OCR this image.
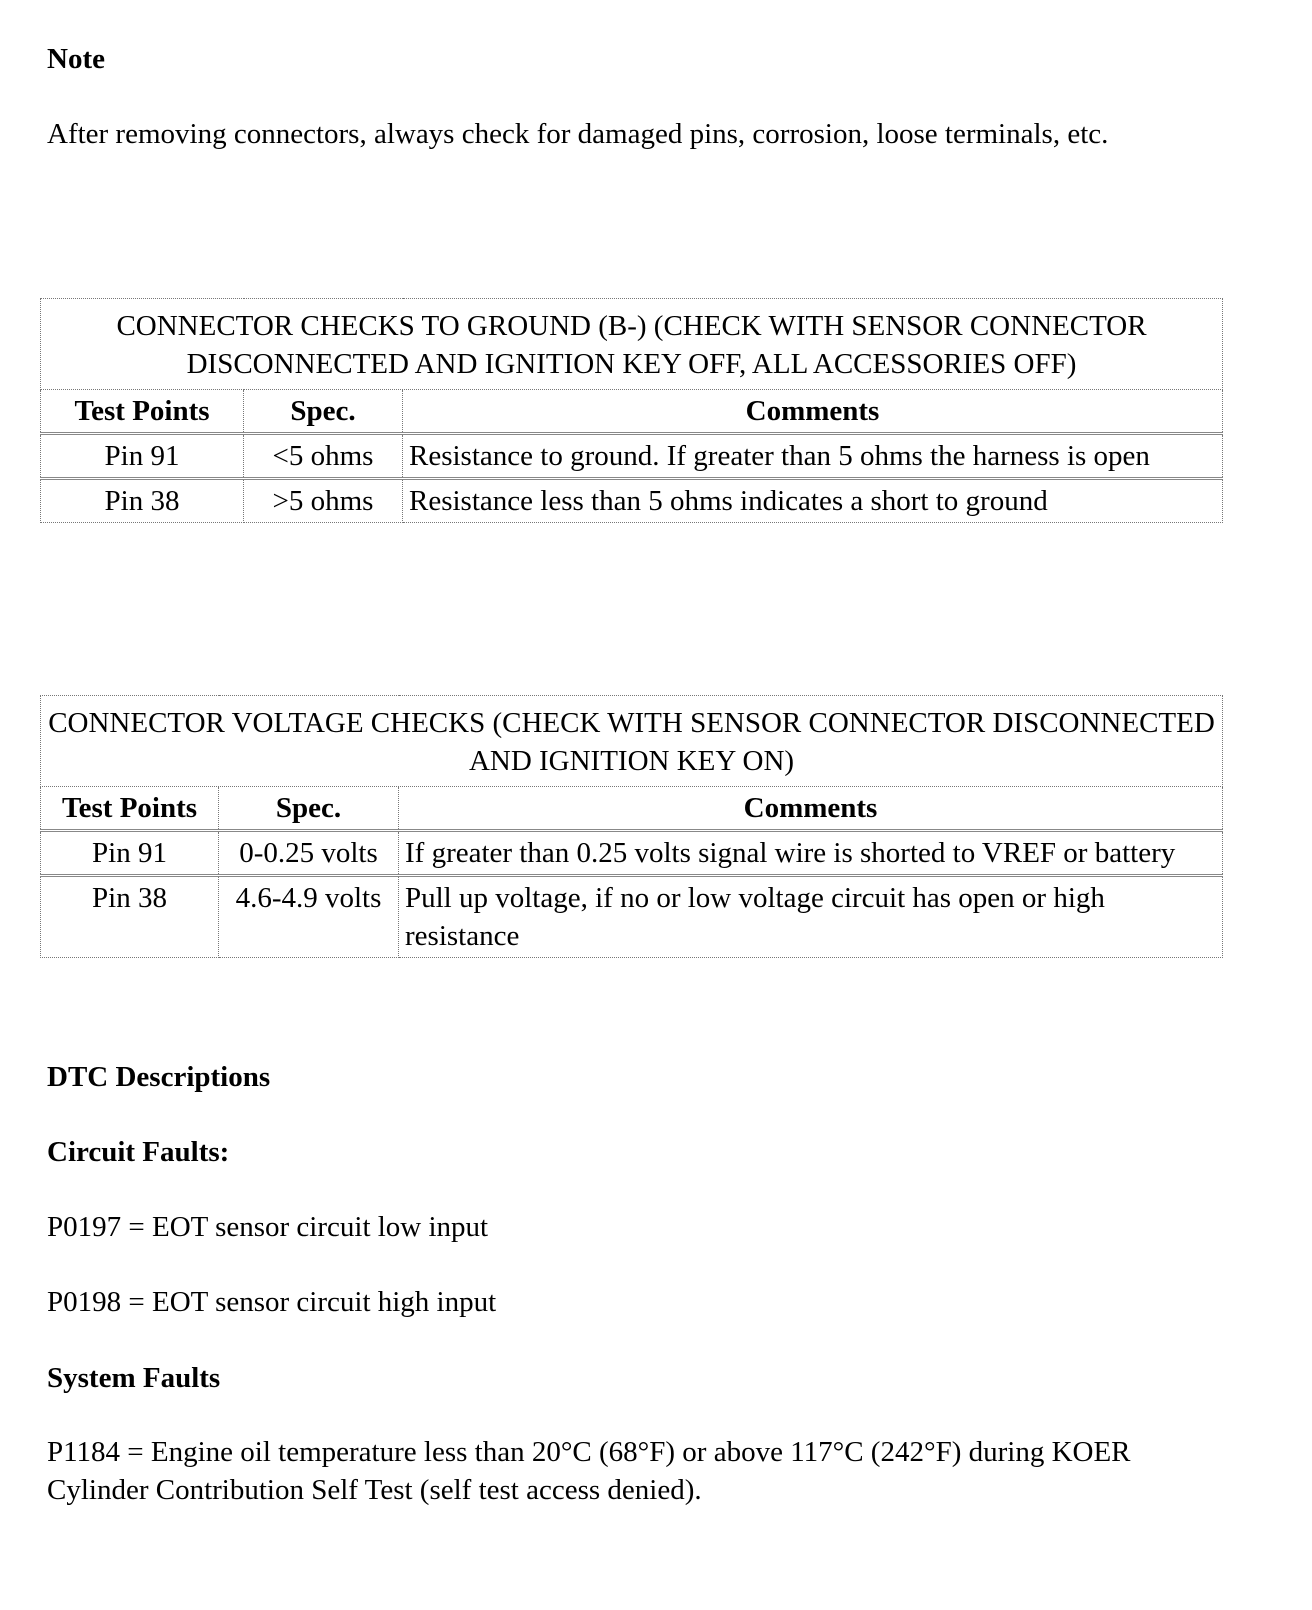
Note
After removing connectors, always check for damaged pins, corrosion, loose terminals, etc.
CONNECTOR CHECKS TO GROUND (B-) (CHECK WITH SENSOR CONNECTOR DISCONNECTED AND IGNITION KEY OFF, ALL ACCESSORIES OFF)		
Test Points	Spec.	Comments
Pin 91	<5 ohms	Resistance to ground. If greater than 5 ohms the harness is open
Pin 38	>5 ohms	Resistance less than 5 ohms indicates a short to ground
CONNECTOR VOLTAGE CHECKS (CHECK WITH SENSOR CONNECTOR DISCONNECTED AND IGNITION KEY ON)		
Test Points	Spec.	Comments
Pin 91	0-0.25 volts	If greater than 0.25 volts signal wire is shorted to VREF or battery
Pin 38	4.6-4.9 volts	Pull up voltage, if no or low voltage circuit has open or high resistance
DTC Descriptions
Circuit Faults:
P0197 = EOT sensor circuit low input
P0198 = EOT sensor circuit high input
System Faults
P1184 = Engine oil temperature less than 20°C (68°F) or above 117°C (242°F) during KOER Cylinder Contribution Self Test (self test access denied).
